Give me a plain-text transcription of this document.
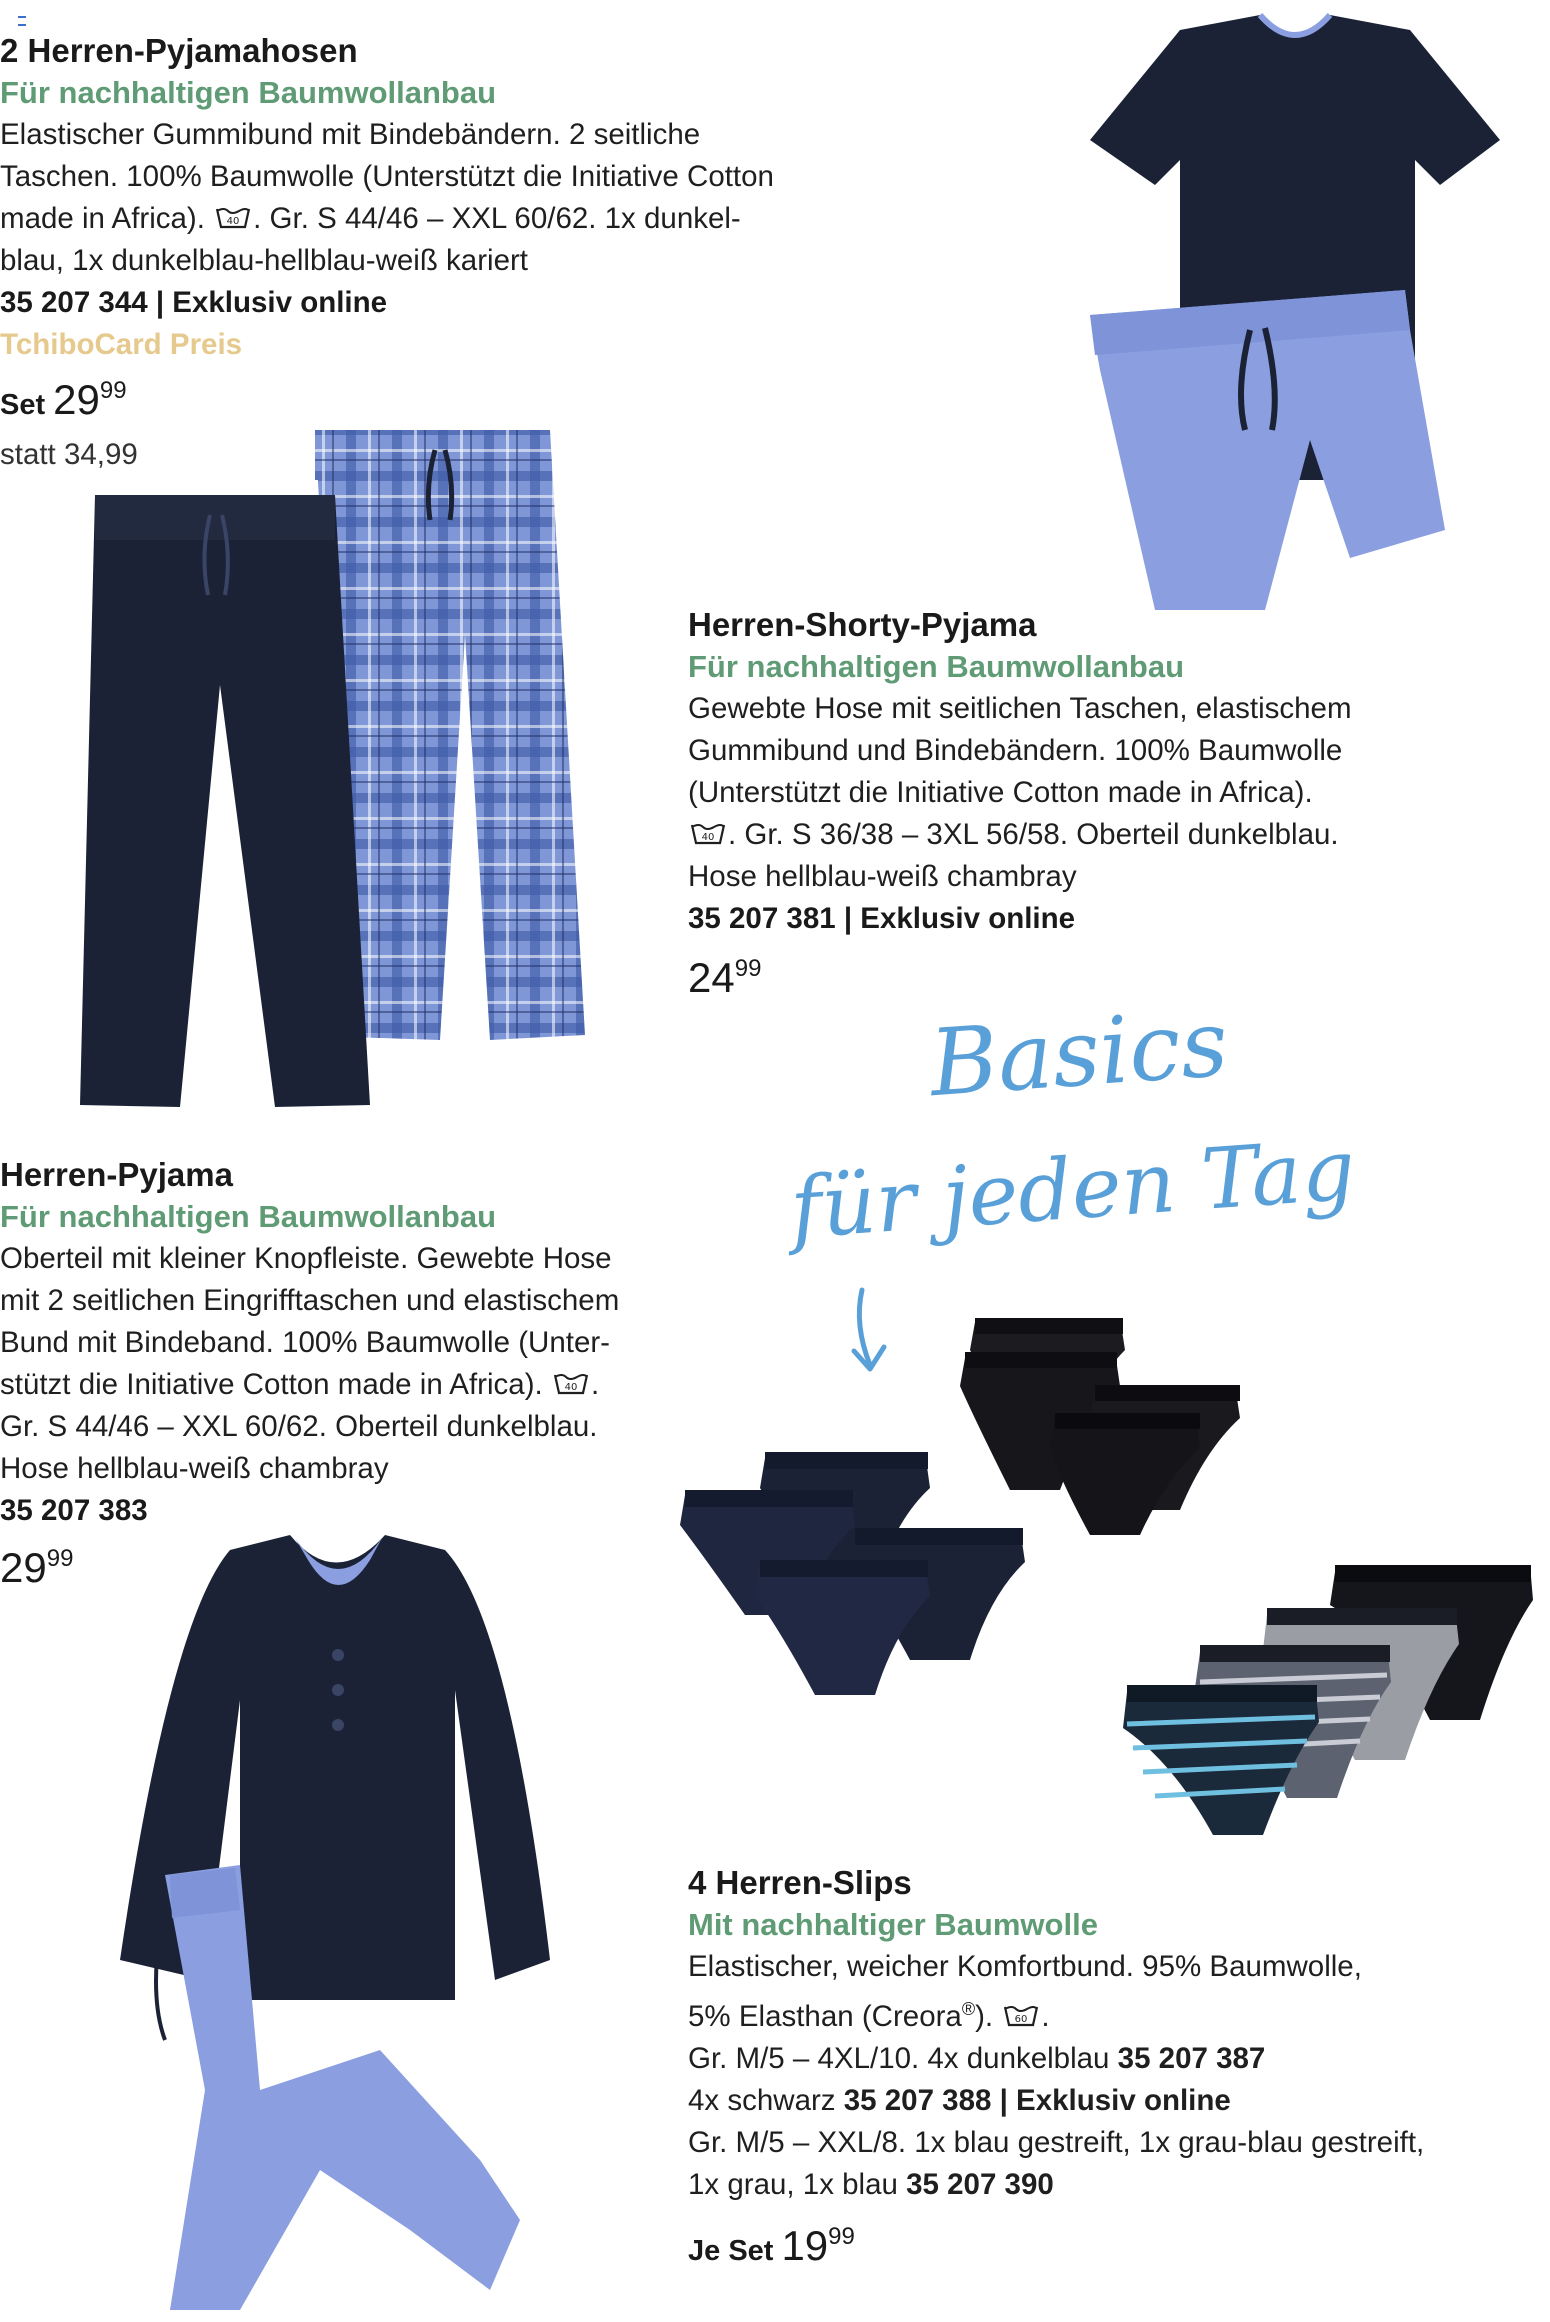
2 Herren-Pyjamahosen
Für nachhaltigen Baumwollanbau
Elastischer Gummibund mit Bindebändern. 2 seitliche
Taschen. 100% Baumwolle (Unterstützt die Initiative Cotton
made in Africa). 40 . Gr. S 44/46 – XXL 60/62. 1x dunkel-
blau, 1x dunkelblau-hellblau-weiß kariert
35 207 344 | Exklusiv online
TchiboCard Preis
Set 2999
statt 34,99
Herren-Shorty-Pyjama
Für nachhaltigen Baumwollanbau
Gewebte Hose mit seitlichen Taschen, elastischem
Gummibund und Bindebändern. 100% Baumwolle
(Unterstützt die Initiative Cotton made in Africa).
40 . Gr. S 36/38 – 3XL 56/58. Oberteil dunkelblau.
Hose hellblau-weiß chambray
35 207 381 | Exklusiv online
2499
Basics
für jeden Tag
Herren-Pyjama
Für nachhaltigen Baumwollanbau
Oberteil mit kleiner Knopfleiste. Gewebte Hose
mit 2 seitlichen Eingrifftaschen und elastischem
Bund mit Bindeband. 100% Baumwolle (Unter-
stützt die Initiative Cotton made in Africa). 40 .
Gr. S 44/46 – XXL 60/62. Oberteil dunkelblau.
Hose hellblau-weiß chambray
35 207 383
2999
4 Herren-Slips
Mit nachhaltiger Baumwolle
Elastischer, weicher Komfortbund. 95% Baumwolle,
5% Elasthan (Creora®). 60 .
Gr. M/5 – 4XL/10. 4x dunkelblau 35 207 387
4x schwarz 35 207 388 | Exklusiv online
Gr. M/5 – XXL/8. 1x blau gestreift, 1x grau-blau gestreift,
1x grau, 1x blau 35 207 390
Je Set 1999
